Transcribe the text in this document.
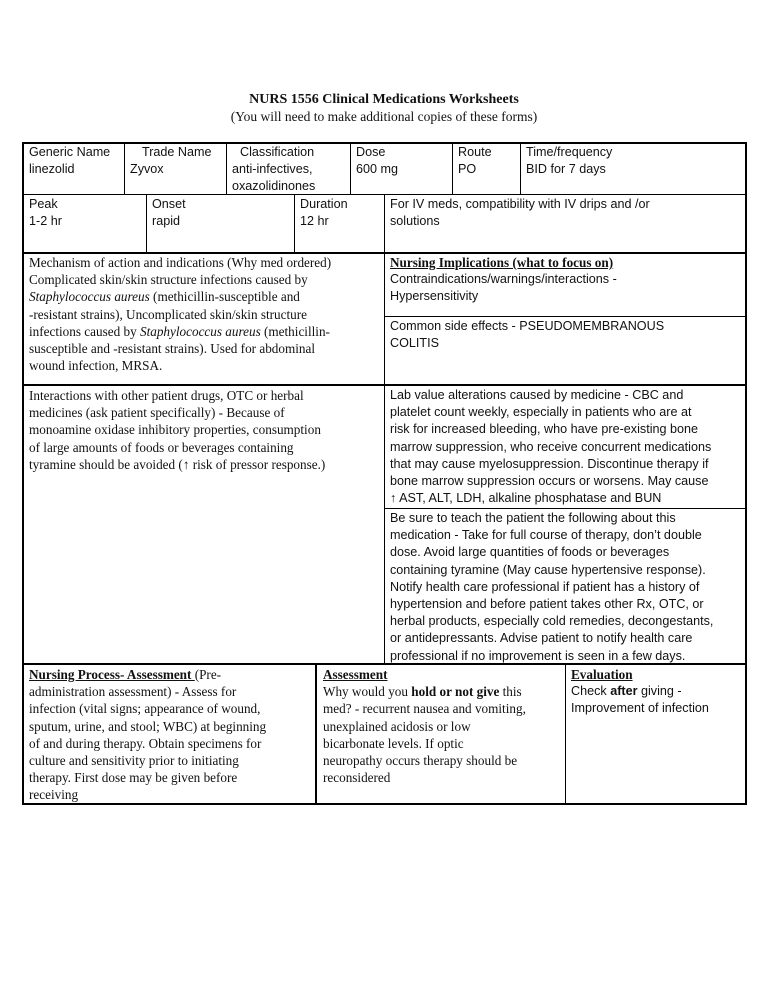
NURS 1556 Clinical Medications Worksheets
(You will need to make additional copies of these forms)

Generic Name

linezolid

Trade Name

Zyvox

Classification

anti-infectives,

oxazolidinones

Dose

600 mg

Route

PO

Time/frequency

BID for 7 days

Peak

1-2 hr

Onset

rapid

Duration

12 hr

For IV meds, compatibility with IV drips and /or

solutions

Mechanism of action and indications (Why med ordered)

Complicated skin/skin structure infections caused by

Staphylococcus aureus (methicillin-susceptible and

-resistant strains), Uncomplicated skin/skin structure

infections caused by Staphylococcus aureus (methicillin-

susceptible and -resistant strains). Used for abdominal

wound infection, MRSA.

Nursing Implications (what to focus on)

Contraindications/warnings/interactions -

Hypersensitivity

Common side effects - PSEUDOMEMBRANOUS

COLITIS

Interactions with other patient drugs, OTC or herbal

medicines (ask patient specifically) - Because of

monoamine oxidase inhibitory properties, consumption

of large amounts of foods or beverages containing

tyramine should be avoided (↑ risk of pressor response.)

Lab value alterations caused by medicine - CBC and

platelet count weekly, especially in patients who are at

risk for increased bleeding, who have pre-existing bone

marrow suppression, who receive concurrent medications

that may cause myelosuppression. Discontinue therapy if

bone marrow suppression occurs or worsens. May cause

↑ AST, ALT, LDH, alkaline phosphatase and BUN

Be sure to teach the patient the following about this

medication - Take for full course of therapy, don’t double

dose. Avoid large quantities of foods or beverages

containing tyramine (May cause hypertensive response).

Notify health care professional if patient has a history of

hypertension and before patient takes other Rx, OTC, or

herbal products, especially cold remedies, decongestants,

or antidepressants. Advise patient to notify health care

professional if no improvement is seen in a few days.

Nursing Process- Assessment (Pre-

administration assessment) - Assess for

infection (vital signs; appearance of wound,

sputum, urine, and stool; WBC) at beginning

of and during therapy. Obtain specimens for

culture and sensitivity prior to initiating

therapy. First dose may be given before

receiving

Assessment

Why would you hold or not give this

med? - recurrent nausea and vomiting,

unexplained acidosis or low

bicarbonate levels. If optic

neuropathy occurs therapy should be

reconsidered

Evaluation

Check after giving -

Improvement of infection
